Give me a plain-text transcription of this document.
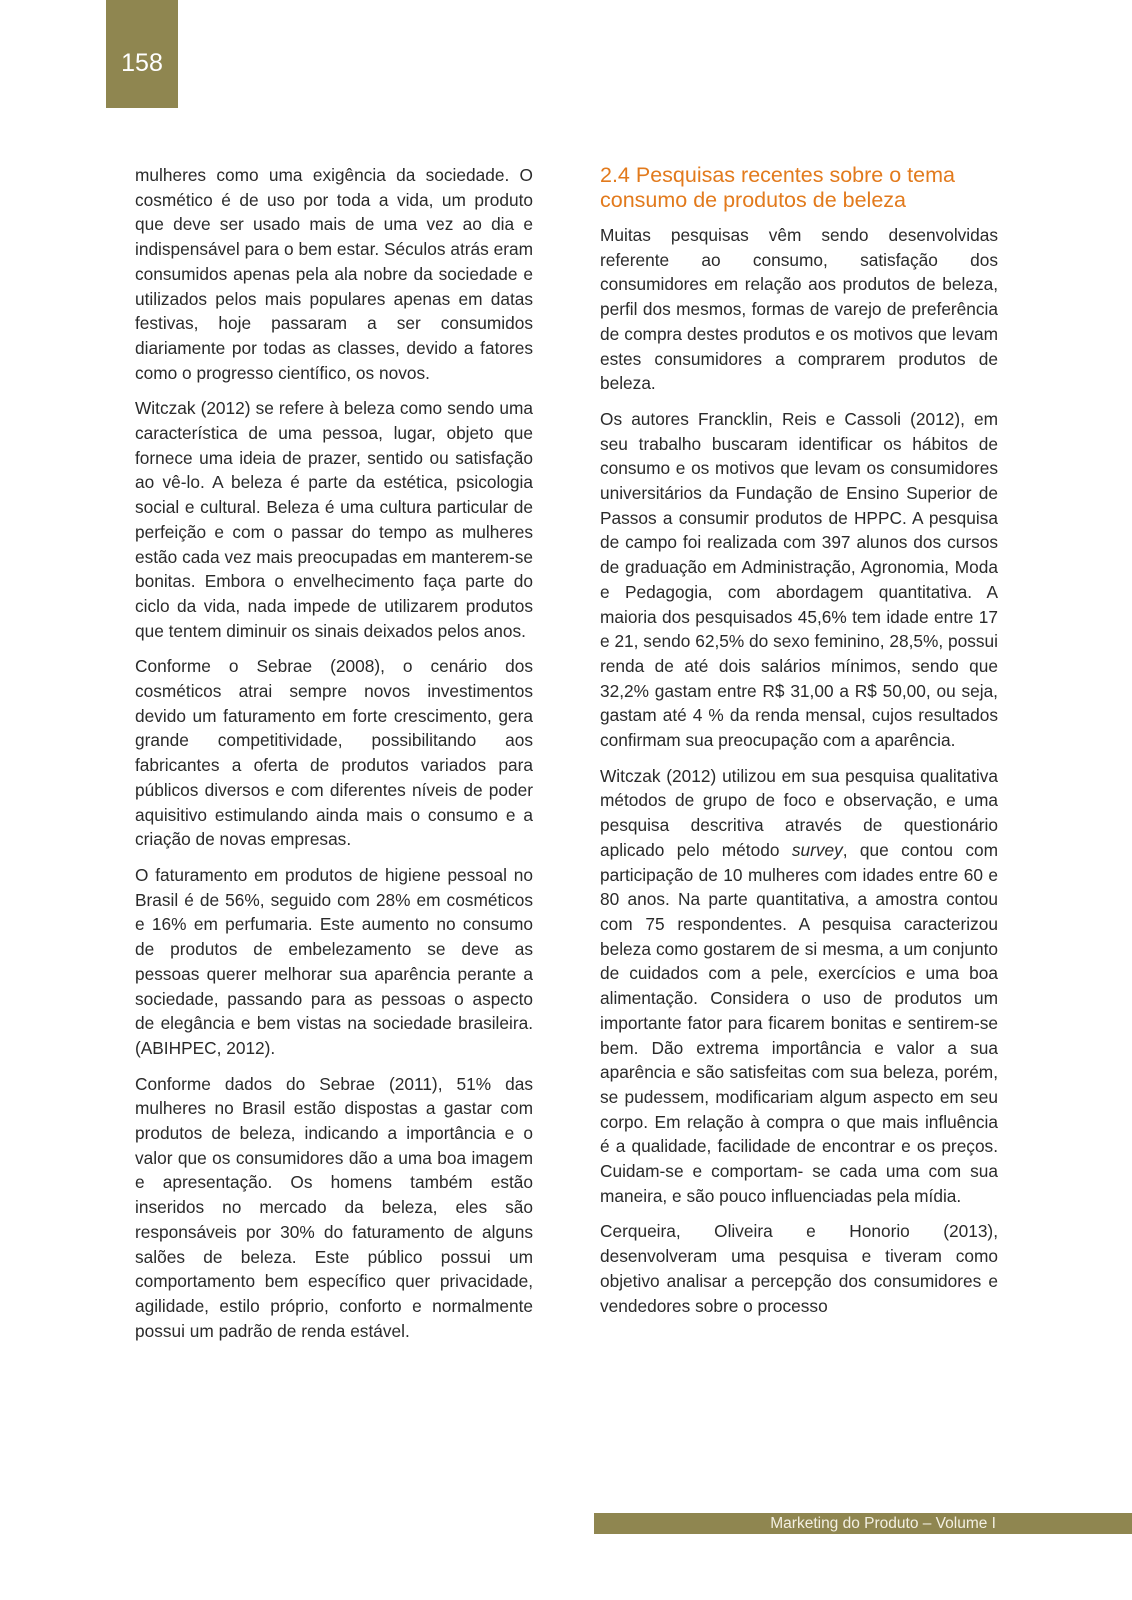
158

mulheres como uma exigência da sociedade. O cosmético é de uso por toda a vida, um produto que deve ser usado mais de uma vez ao dia e indispensável para o bem estar. Séculos atrás eram consumidos apenas pela ala nobre da sociedade e utilizados pelos mais populares apenas em datas festivas, hoje passaram a ser consumidos diariamente por todas as classes, devido a fatores como o progresso científico, os novos.

Witczak (2012) se refere à beleza como sendo uma característica de uma pessoa, lugar, objeto que fornece uma ideia de prazer, sentido ou satisfação ao vê-lo. A beleza é parte da estética, psicologia social e cultural. Beleza é uma cultura particular de perfeição e com o passar do tempo as mulheres estão cada vez mais preocupadas em manterem-se bonitas. Embora o envelhecimento faça parte do ciclo da vida, nada impede de utilizarem produtos que tentem diminuir os sinais deixados pelos anos.

Conforme o Sebrae (2008), o cenário dos cosméticos atrai sempre novos investimentos devido um faturamento em forte crescimento, gera grande competitividade, possibilitando aos fabricantes a oferta de produtos variados para públicos diversos e com diferentes níveis de poder aquisitivo estimulando ainda mais o consumo e a criação de novas empresas.

O faturamento em produtos de higiene pessoal no Brasil é de 56%, seguido com 28% em cosméticos e 16% em perfumaria. Este aumento no consumo de produtos de embelezamento se deve as pessoas querer melhorar sua aparência perante a sociedade, passando para as pessoas o aspecto de elegância e bem vistas na sociedade brasileira. (ABIHPEC, 2012).

Conforme dados do Sebrae (2011), 51% das mulheres no Brasil estão dispostas a gastar com produtos de beleza, indicando a importância e o valor que os consumidores dão a uma boa imagem e apresentação. Os homens também estão inseridos no mercado da beleza, eles são responsáveis por 30% do faturamento de alguns salões de beleza. Este público possui um comportamento bem específico quer privacidade, agilidade, estilo próprio, conforto e normalmente possui um padrão de renda estável.

2.4 Pesquisas recentes sobre o tema consumo de produtos de beleza

Muitas pesquisas vêm sendo desenvolvidas referente ao consumo, satisfação dos consumidores em relação aos produtos de beleza, perfil dos mesmos, formas de varejo de preferência de compra destes produtos e os motivos que levam estes consumidores a comprarem produtos de beleza.

Os autores Francklin, Reis e Cassoli (2012), em seu trabalho buscaram identificar os hábitos de consumo e os motivos que levam os consumidores universitários da Fundação de Ensino Superior de Passos a consumir produtos de HPPC. A pesquisa de campo foi realizada com 397 alunos dos cursos de graduação em Administração, Agronomia, Moda e Pedagogia, com abordagem quantitativa. A maioria dos pesquisados 45,6% tem idade entre 17 e 21, sendo 62,5% do sexo feminino, 28,5%, possui renda de até dois salários mínimos, sendo que 32,2% gastam entre R$ 31,00 a R$ 50,00, ou seja, gastam até 4 % da renda mensal, cujos resultados confirmam sua preocupação com a aparência.

Witczak (2012) utilizou em sua pesquisa qualitativa métodos de grupo de foco e observação, e uma pesquisa descritiva através de questionário aplicado pelo método survey, que contou com participação de 10 mulheres com idades entre 60 e 80 anos. Na parte quantitativa, a amostra contou com 75 respondentes. A pesquisa caracterizou beleza como gostarem de si mesma, a um conjunto de cuidados com a pele, exercícios e uma boa alimentação. Considera o uso de produtos um importante fator para ficarem bonitas e sentirem-se bem. Dão extrema importância e valor a sua aparência e são satisfeitas com sua beleza, porém, se pudessem, modificariam algum aspecto em seu corpo. Em relação à compra o que mais influência é a qualidade, facilidade de encontrar e os preços. Cuidam-se e comportam- se cada uma com sua maneira, e são pouco influenciadas pela mídia.

Cerqueira, Oliveira e Honorio (2013), desenvolveram uma pesquisa e tiveram como objetivo analisar a percepção dos consumidores e vendedores sobre o processo

Marketing do Produto – Volume I
